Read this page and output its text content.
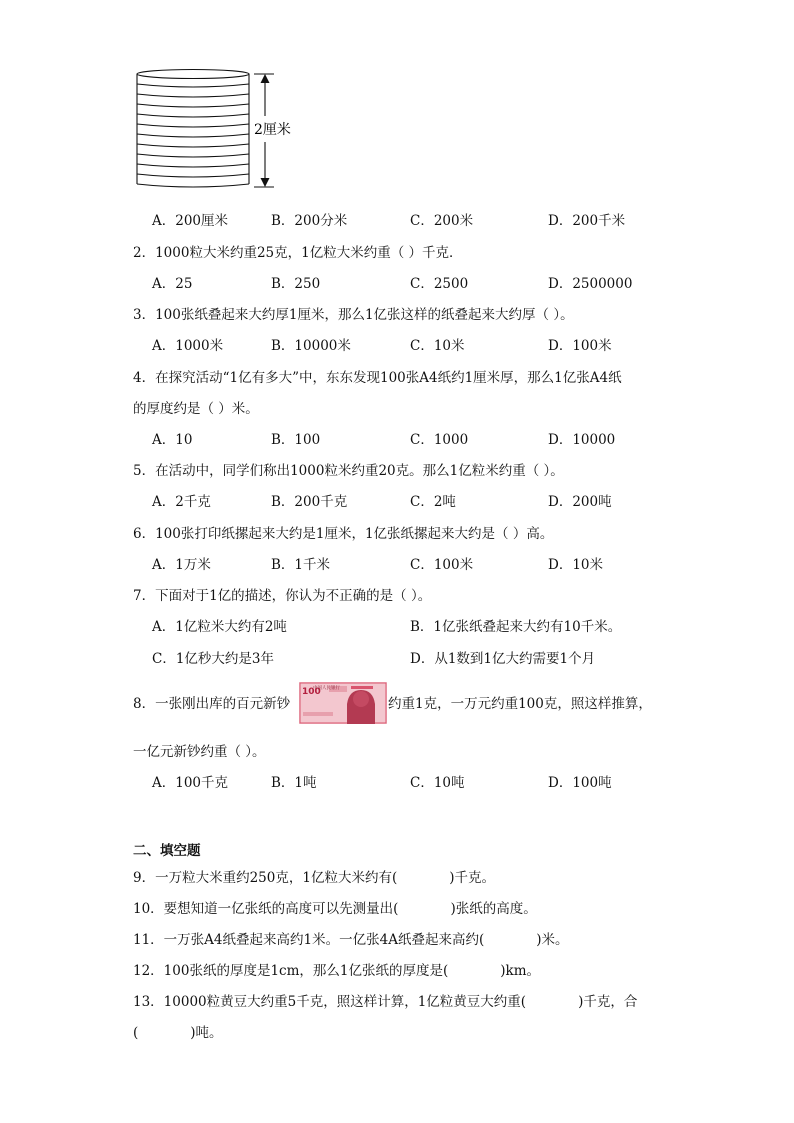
2厘米
A．200厘米	B．200分米	C．200米	D．200千米
2．1000粒大米约重25克，1亿粒大米约重（ ）千克．
A．25	B．250	C．2500	D．2500000
3．100张纸叠起来大约厚1厘米，那么1亿张这样的纸叠起来大约厚（ ）。
A．1000米	B．10000米	C．10米	D．100米
4．在探究活动“1亿有多大”中，东东发现100张A4纸约1厘米厚，那么1亿张A4纸
的厚度约是（ ）米。
A．10	B．100	C．1000	D．10000
5．在活动中，同学们称出1000粒米约重20克。那么1亿粒米约重（ ）。
A．2千克	B．200千克	C．2吨	D．200吨
6．100张打印纸摞起来大约是1厘米，1亿张纸摞起来大约是（ ）高。
A．1万米	B．1千米	C．100米	D．10米
7．下面对于1亿的描述，你认为不正确的是（ ）。
A．1亿粒米大约有2吨	B．1亿张纸叠起来大约有10千米。
C．1亿秒大约是3年	D．从1数到1亿大约需要1个月
8．一张刚出库的百元新钞
100
中国人民银行
约重1克，一万元约重100克，照这样推算，
一亿元新钞约重（ ）。
A．100千克	B．1吨	C．10吨	D．100吨
二、填空题
9．一万粒大米重约250克，1亿粒大米约有(	)千克。
10．要想知道一亿张纸的高度可以先测量出(	)张纸的高度。
11．一万张A4纸叠起来高约1米。一亿张4A纸叠起来高约(	)米。
12．100张纸的厚度是1cm，那么1亿张纸的厚度是(	)km。
13．10000粒黄豆大约重5千克，照这样计算，1亿粒黄豆大约重(	)千克，合
(	)吨。
